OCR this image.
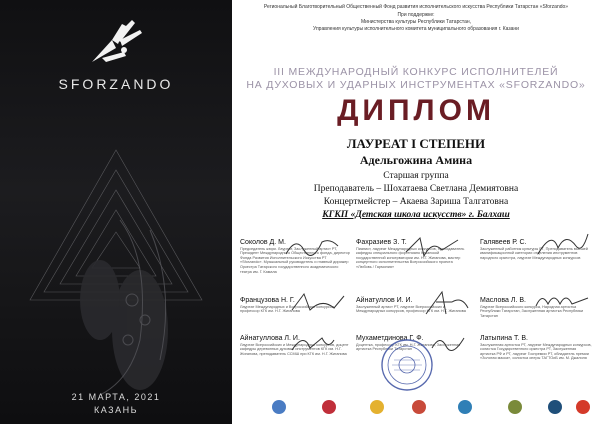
SFORZANDO
21 МАРТА, 2021
КАЗАНЬ
Региональный Благотворительный Общественный Фонд развития исполнительского искусства Республики Татарстан «Sforzando»
При поддержке:
Министерства культуры Республики Татарстан,
Управления культуры исполнительного комитета муниципального образования г. Казани
III МЕЖДУНАРОДНЫЙ КОНКУРС ИСПОЛНИТЕЛЕЙ
НА ДУХОВЫХ И УДАРНЫХ ИНСТРУМЕНТАХ «SFORZANDO»
ДИПЛОМ
ЛАУРЕАТ I СТЕПЕНИ
Адельгожина Амина
Старшая группа
Преподаватель – Шохатаева Светлана Демиятовна
Концертмейстер – Акаева Зариша Талгатовна
КГКП «Детская школа искусств» г. Балхаш
Соколов Д. М.
Председатель жюри. Лауреат, Заслуженный артист РТ, Президент Международного Общественного фонда, директор Фонда Развития Исполнительского Искусства РТ «Sforzando». Музыкальный руководитель и главный дирижер Оркестра Татарского государственного академического театра им. Г. Камала
Фахразиев З. Т.
Пианист, лауреат Международных конкурсов, преподаватель кафедры специального фортепиано Казанской государственной консерватории им. Н.Г. Жиганова, мастер концертного исполнительства Всероссийского проекта «Любовь / Гармония»
Галявеев Р. С.
Заслуженный работник культуры РТ, Преподаватель высшей квалификационной категории отделения инструментов народного оркестра, лауреат Международных конкурсов
Французова Н. Г.
Лауреат Международных и Всероссийских конкурсов, профессор КГК им. Н.Г. Жиганова
Айнатуллов И. И.
Заслуженный артист РТ, лауреат Всероссийских и Международных конкурсов, профессор КГК им. Н.Г. Жиганова
Маслова Л. В.
Лауреат Всероссийского конкурса, Народная артистка Республики Татарстан, Заслуженная артистка Республики Татарстан
Айнатуллова Л. И.
Лауреат Всероссийских и Международных конкурсов, доцент кафедры деревянных духовых инструментов КГК им. Н.Г. Жиганова, преподаватель ССМШ при КГК им. Н.Г. Жиганова
Мухаметдинова Г. Ф.
Доцентка, профессор КГК им. Н.Г. Жиганова, Заслуженная артистка Республики Татарстан
Латыпина Т. В.
Заслуженная артистка РТ, лауреат Международных конкурсов, солистка Государственного оркестра РТ, Заслуженная артистка РФ и РТ, лауреат Госпремии РТ, обладатель премии «Золотая маска», солистка оперы ТАГТОиБ им. М. Джалиля
